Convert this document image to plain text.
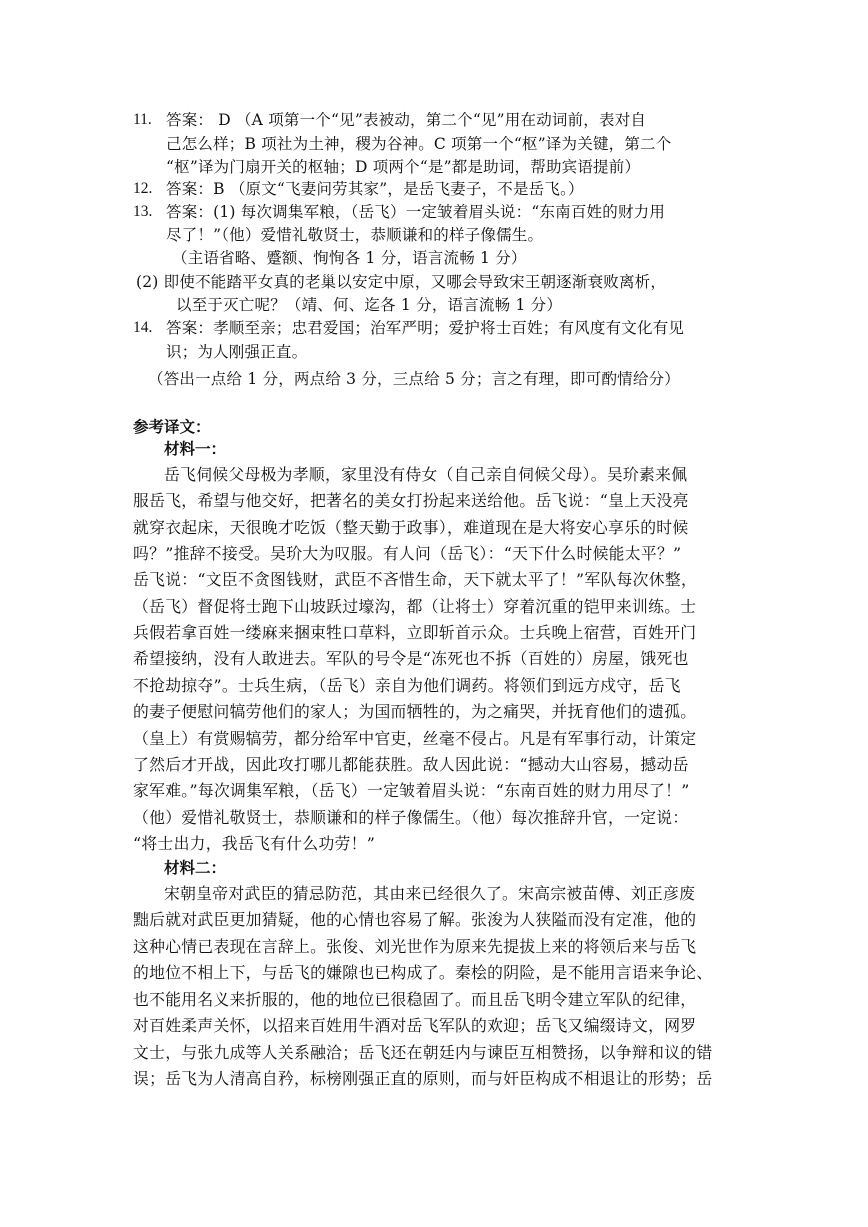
11. 答案： D （A 项第一个“见”表被动，第二个“见”用在动词前，表对自
己怎么样；B 项社为土神，稷为谷神。C 项第一个“枢”译为关键，第二个
“枢”译为门扇开关的枢轴；D 项两个“是”都是助词，帮助宾语提前）
12. 答案：B （原文“飞妻问劳其家”，是岳飞妻子，不是岳飞。）
13. 答案：(1) 每次调集军粮，（岳飞）一定皱着眉头说：“东南百姓的财力用
尽了！”（他）爱惜礼敬贤士，恭顺谦和的样子像儒生。
（主语省略、蹙额、恂恂各 1 分，语言流畅 1 分）
(2) 即使不能踏平女真的老巢以安定中原，又哪会导致宋王朝逐渐衰败离析，
以至于灭亡呢？（靖、何、迄各 1 分，语言流畅 1 分）
14. 答案：孝顺至亲；忠君爱国；治军严明；爱护将士百姓；有风度有文化有见
识；为人刚强正直。
（答出一点给 1 分，两点给 3 分，三点给 5 分；言之有理，即可酌情给分）
参考译文：
材料一：
岳飞伺候父母极为孝顺，家里没有侍女（自己亲自伺候父母）。吴玠素来佩
服岳飞，希望与他交好，把著名的美女打扮起来送给他。岳飞说：“皇上天没亮
就穿衣起床，天很晚才吃饭（整天勤于政事），难道现在是大将安心享乐的时候
吗？”推辞不接受。吴玠大为叹服。有人问（岳飞）：“天下什么时候能太平？”
岳飞说：“文臣不贪图钱财，武臣不吝惜生命，天下就太平了！”军队每次休整，
（岳飞）督促将士跑下山坡跃过壕沟，都（让将士）穿着沉重的铠甲来训练。士
兵假若拿百姓一缕麻来捆束牲口草料，立即斩首示众。士兵晚上宿营，百姓开门
希望接纳，没有人敢进去。军队的号令是“冻死也不拆（百姓的）房屋，饿死也
不抢劫掠夺”。士兵生病，（岳飞）亲自为他们调药。将领们到远方戍守，岳飞
的妻子便慰问犒劳他们的家人；为国而牺牲的，为之痛哭，并抚育他们的遗孤。
（皇上）有赏赐犒劳，都分给军中官吏，丝毫不侵占。凡是有军事行动，计策定
了然后才开战，因此攻打哪儿都能获胜。敌人因此说：“撼动大山容易，撼动岳
家军难。”每次调集军粮，（岳飞）一定皱着眉头说：“东南百姓的财力用尽了！”
（他）爱惜礼敬贤士，恭顺谦和的样子像儒生。（他）每次推辞升官，一定说：
“将士出力，我岳飞有什么功劳！”
材料二：
宋朝皇帝对武臣的猜忌防范，其由来已经很久了。宋高宗被苗傅、刘正彦废
黜后就对武臣更加猜疑，他的心情也容易了解。张浚为人狭隘而没有定准，他的
这种心情已表现在言辞上。张俊、刘光世作为原来先提拔上来的将领后来与岳飞
的地位不相上下，与岳飞的嫌隙也已构成了。秦桧的阴险，是不能用言语来争论、
也不能用名义来折服的，他的地位已很稳固了。而且岳飞明令建立军队的纪律，
对百姓柔声关怀，以招来百姓用牛酒对岳飞军队的欢迎；岳飞又编缀诗文，网罗
文士，与张九成等人关系融洽；岳飞还在朝廷内与谏臣互相赞扬，以争辩和议的错
误；岳飞为人清高自矜，标榜刚强正直的原则，而与奸臣构成不相退让的形势；岳
